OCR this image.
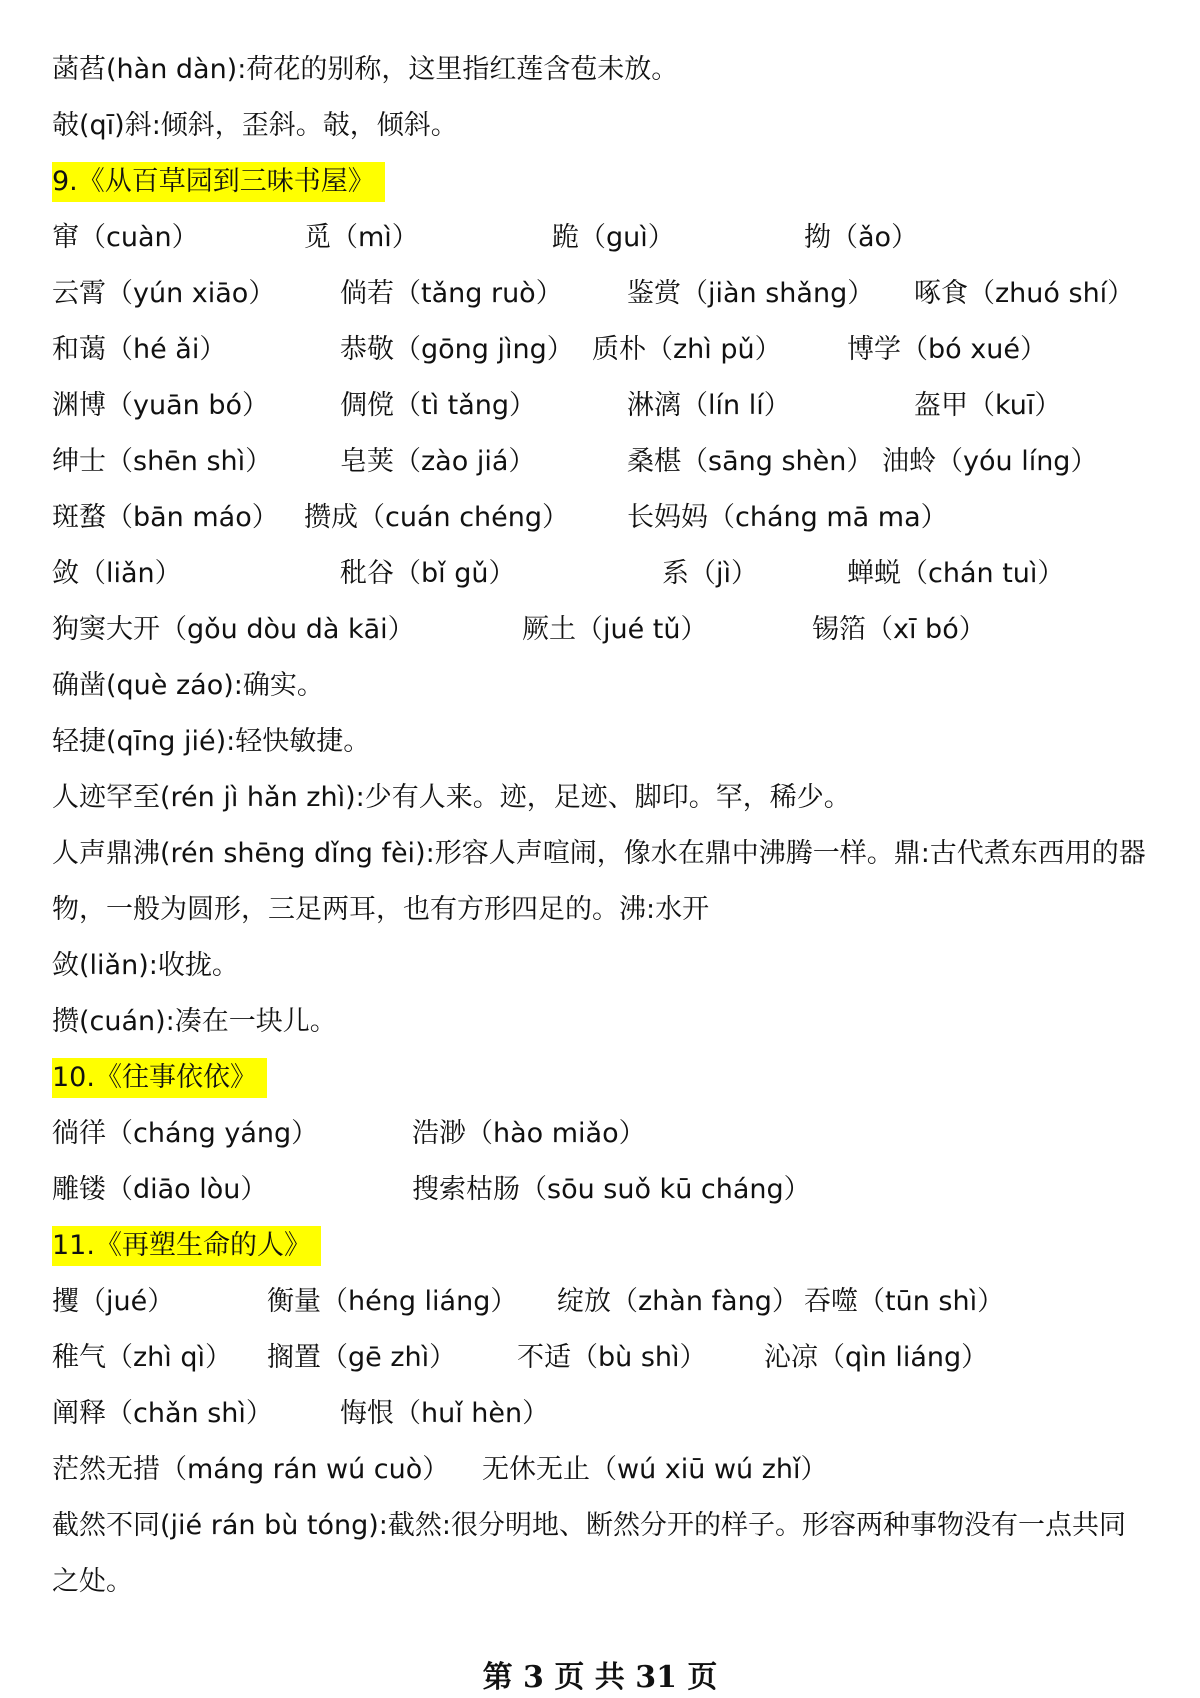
菡萏(hàn dàn):荷花的别称，这里指红莲含苞未放。
攲(qī)斜:倾斜，歪斜。攲，倾斜。
9.《从百草园到三味书屋》
窜（cuàn）	觅（mì）	跪（guì）	拗（ǎo）
云霄（yún xiāo） 倘若（tǎng ruò） 鉴赏（jiàn shǎng） 啄食（zhuó shí）
和蔼（hé ǎi）	恭敬（gōng jìng） 质朴（zhì pǔ） 博学（bó xué）
渊博（yuān bó）	倜傥（tì tǎng）	淋漓（lín lí）	盔甲（kuī）
绅士（shēn shì）	皂荚（zào jiá）	桑椹（sāng shèn） 油蛉（yóu líng）
斑蝥（bān máo） 攒成（cuán chéng） 长妈妈（cháng mā ma）
敛（liǎn）	秕谷（bǐ gǔ）	系（jì）	蝉蜕（chán tuì）
狗窦大开（gǒu dòu dà kāi）	厥土（jué tǔ）	锡箔（xī bó）
确凿(què záo):确实。
轻捷(qīng jié):轻快敏捷。
人迹罕至(rén jì hǎn zhì):少有人来。迹，足迹、脚印。罕，稀少。
人声鼎沸(rén shēng dǐng fèi):形容人声喧闹，像水在鼎中沸腾一样。鼎:古代煮东西用的器物，一般为圆形，三足两耳，也有方形四足的。沸:水开
敛(liǎn):收拢。
攒(cuán):凑在一块儿。
10.《往事依依》
徜徉（cháng yáng）	浩渺（hào miǎo）
雕镂（diāo lòu）	搜索枯肠（sōu suǒ kū cháng）
11.《再塑生命的人》
攫（jué）	衡量（héng liáng） 绽放（zhàn fàng） 吞噬（tūn shì）
稚气（zhì qì） 搁置（gē zhì） 不适（bù shì） 沁凉（qìn liáng）
阐释（chǎn shì） 悔恨（huǐ hèn）
茫然无措（máng rán wú cuò） 无休无止（wú xiū wú zhǐ）
截然不同(jié rán bù tóng):截然:很分明地、断然分开的样子。形容两种事物没有一点共同之处。
第 3 页 共 31 页
